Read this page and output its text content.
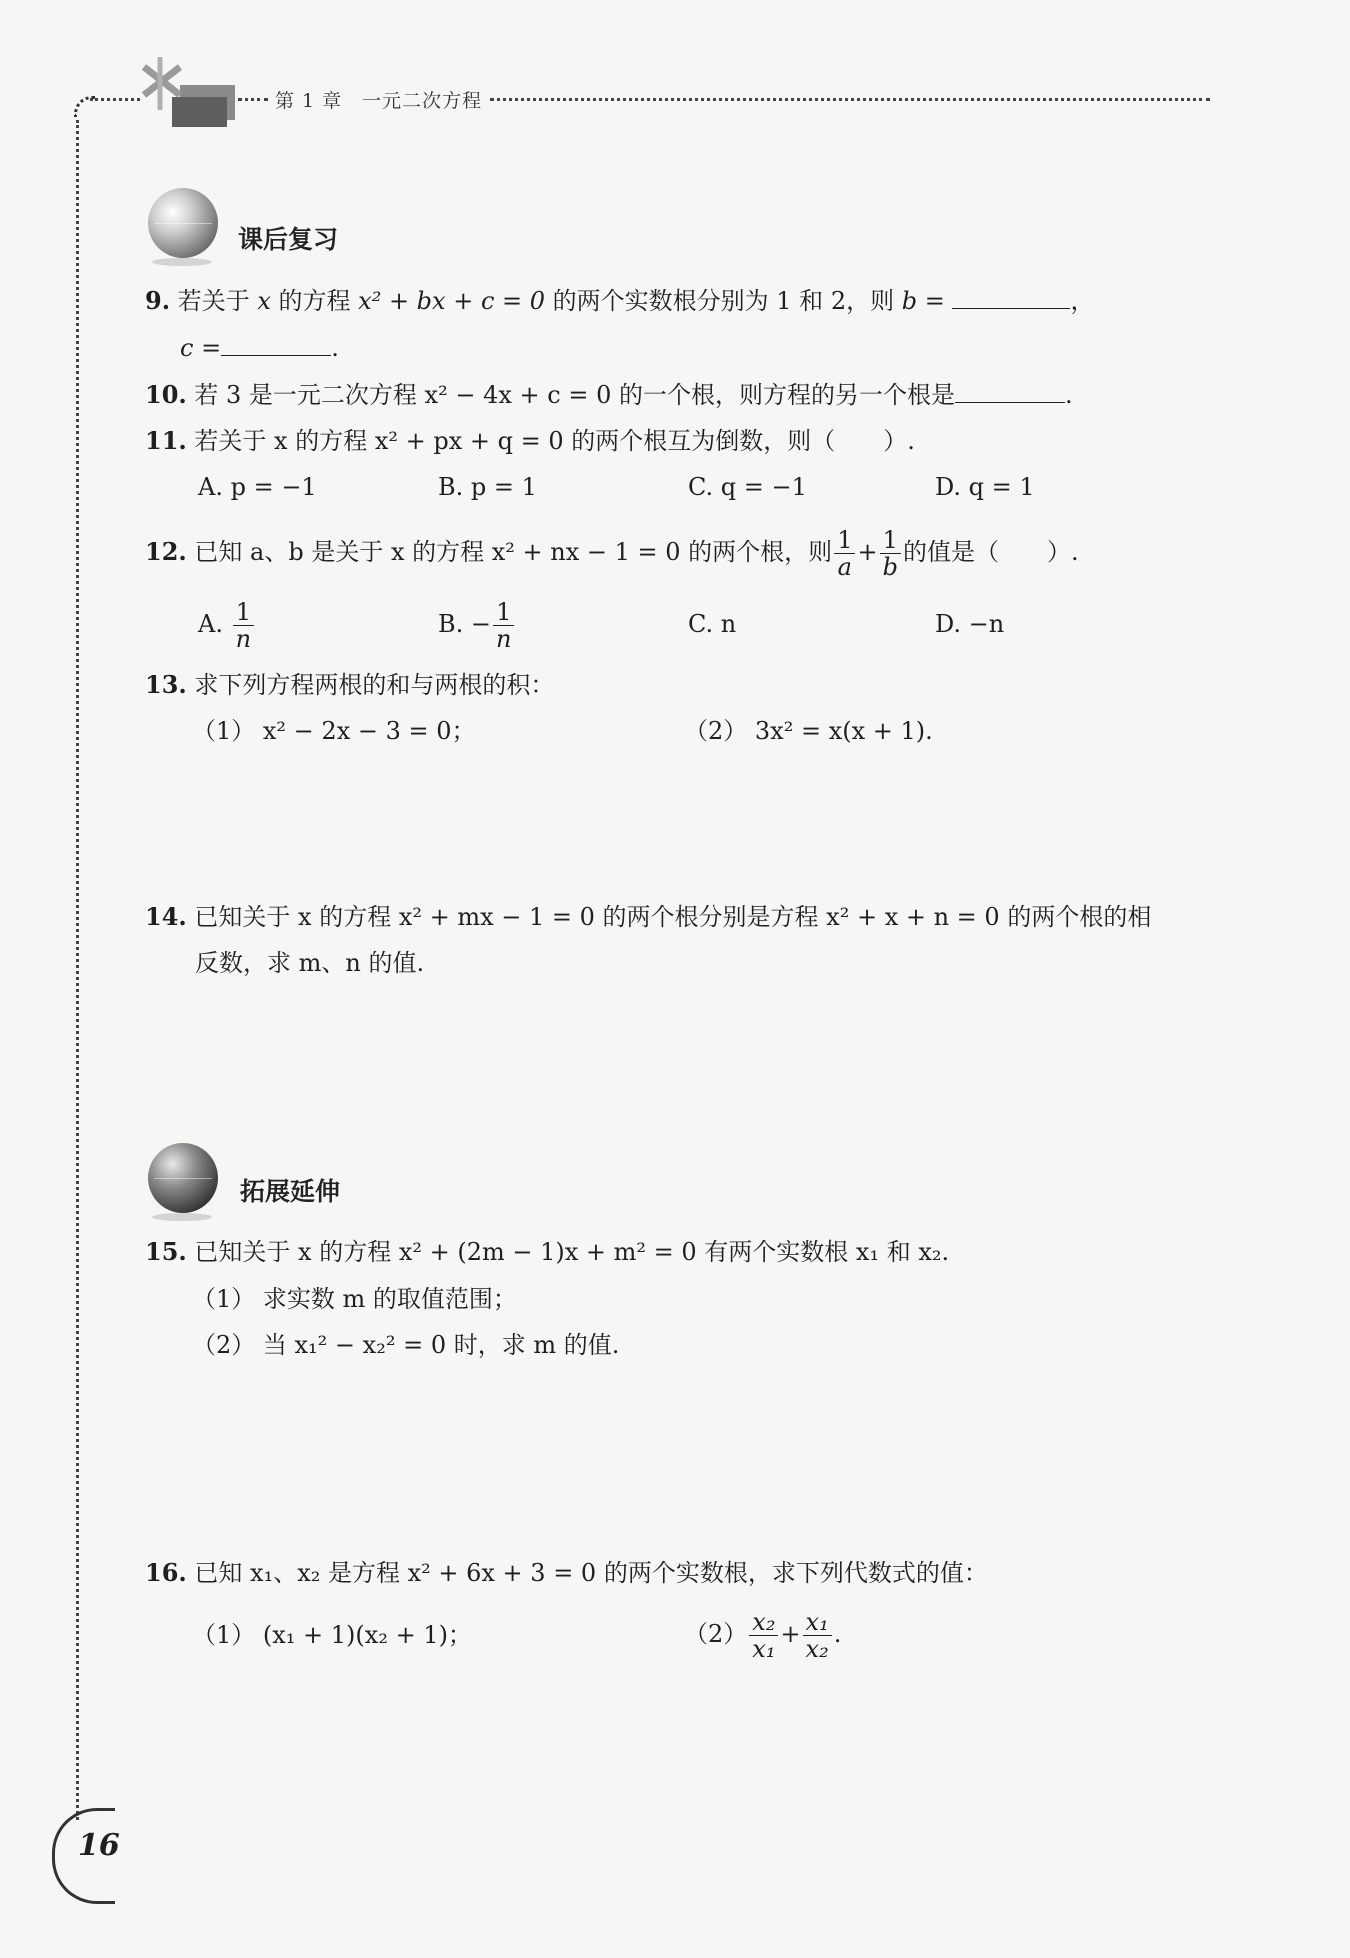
第 1 章　一元二次方程
课后复习
9. 若关于 x 的方程 x² + bx + c = 0 的两个实数根分别为 1 和 2，则 b =	，
c =	.
10. 若 3 是一元二次方程 x² − 4x + c = 0 的一个根，则方程的另一个根是	.
11. 若关于 x 的方程 x² + px + q = 0 的两个根互为倒数，则（　　）.
A. p = −1	B. p = 1	C. q = −1	D. q = 1
12. 已知 a、b 是关于 x 的方程 x² + nx − 1 = 0 的两个根，则 $\frac{1}{a} + \frac{1}{b}$ 的值是（　　）.
A. $\frac{1}{n}$	B. − $\frac{1}{n}$	C. n	D. −n
13. 求下列方程两根的和与两根的积：
（1） x² − 2x − 3 = 0；	（2） 3x² = x(x + 1).
14. 已知关于 x 的方程 x² + mx − 1 = 0 的两个根分别是方程 x² + x + n = 0 的两个根的相
反数，求 m、n 的值.
拓展延伸
15. 已知关于 x 的方程 x² + (2m − 1)x + m² = 0 有两个实数根 x₁ 和 x₂.
（1） 求实数 m 的取值范围；
（2） 当 x₁² − x₂² = 0 时，求 m 的值.
16. 已知 x₁、x₂ 是方程 x² + 6x + 3 = 0 的两个实数根，求下列代数式的值：
（1） (x₁ + 1)(x₂ + 1)；	$(2) \frac{\text{x₂}}{\text{x₁}} + \frac{\text{x₁}}{\text{x₂}}$ .
16
